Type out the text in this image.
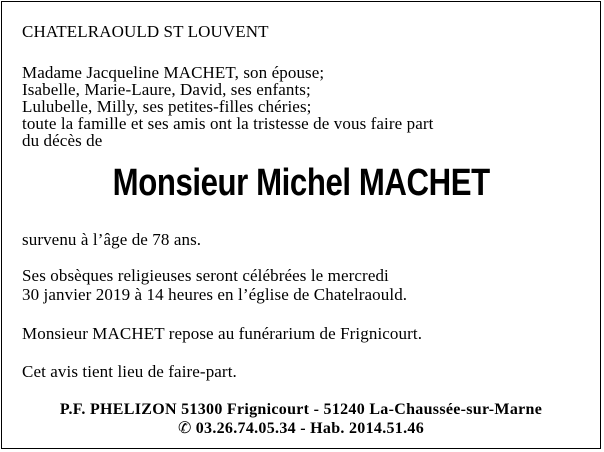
CHATELRAOULD ST LOUVENT

Madame Jacqueline MACHET, son épouse;
Isabelle, Marie-Laure, David, ses enfants;
Lulubelle, Milly, ses petites-filles chéries;
toute la famille et ses amis ont la tristesse de vous faire part
du décès de

Monsieur Michel MACHET

survenu à l’âge de 78 ans.

Ses obsèques religieuses seront célébrées le mercredi
30 janvier 2019 à 14 heures en l’église de Chatelraould.

Monsieur MACHET repose au funérarium de Frignicourt.

Cet avis tient lieu de faire-part.

P.F. PHELIZON 51300 Frignicourt - 51240 La-Chaussée-sur-Marne
✆ 03.26.74.05.34 - Hab. 2014.51.46
